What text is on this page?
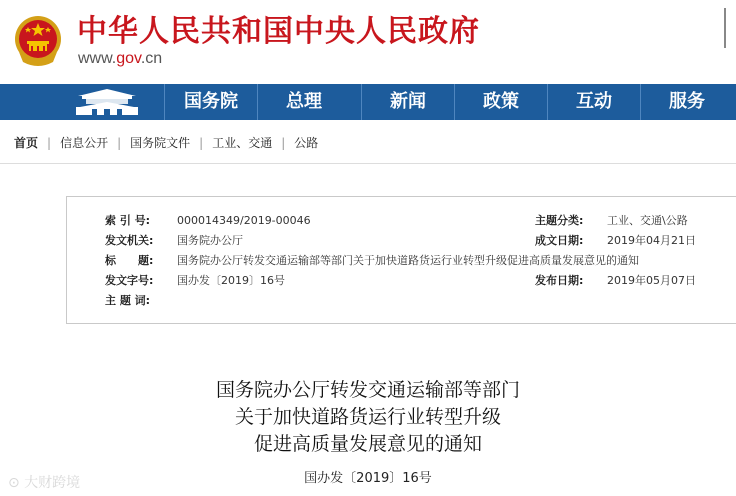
中华人民共和国中央人民政府
www.gov.cn
国务院	总理	新闻	政策	互动	服务
首页 | 信息公开 | 国务院文件 | 工业、交通 | 公路
索 引 号: 000014349/2019-00046	主题分类: 工业、交通\公路
发文机关: 国务院办公厅	成文日期: 2019年04月21日
标　　题: 国务院办公厅转发交通运输部等部门关于加快道路货运行业转型升级促进高质量发展意见的通知
发文字号: 国办发〔2019〕16号	发布日期: 2019年05月07日
主 题 词:
国务院办公厅转发交通运输部等部门
关于加快道路货运行业转型升级
促进高质量发展意见的通知
国办发〔2019〕16号
⊙ 大财跨境
